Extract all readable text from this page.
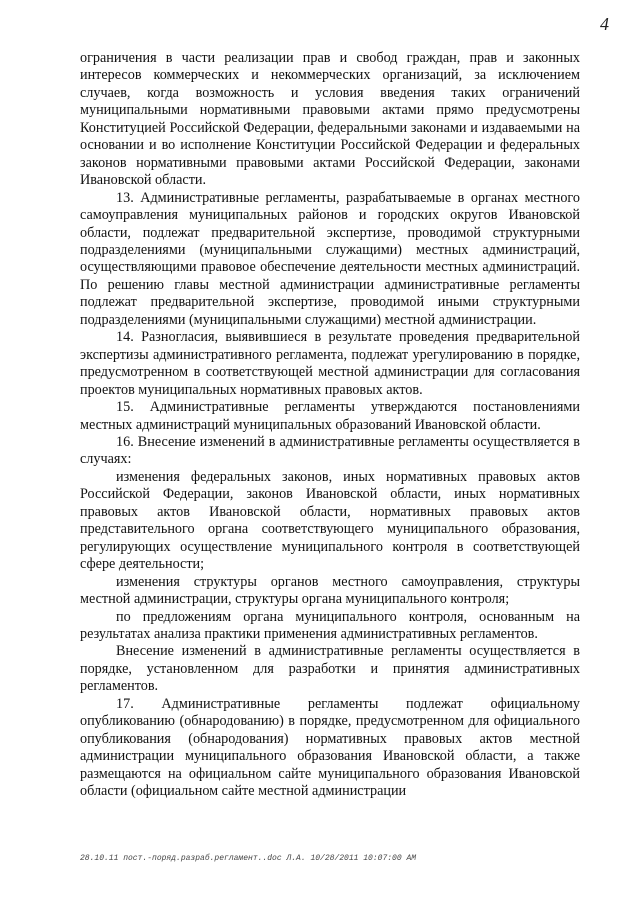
4

ограничения в части реализации прав и свобод граждан, прав и законных интересов коммерческих и некоммерческих организаций, за исключением случаев, когда возможность и условия введения таких ограничений муниципальными нормативными правовыми актами прямо предусмотрены Конституцией Российской Федерации, федеральными законами и издаваемыми на основании и во исполнение Конституции Российской Федерации и федеральных законов нормативными правовыми актами Российской Федерации, законами Ивановской области.

13. Административные регламенты, разрабатываемые в органах местного самоуправления муниципальных районов и городских округов Ивановской области, подлежат предварительной экспертизе, проводимой структурными подразделениями (муниципальными служащими) местных администраций, осуществляющими правовое обеспечение деятельности местных администраций. По решению главы местной администрации административные регламенты подлежат предварительной экспертизе, проводимой иными структурными подразделениями (муниципальными служащими) местной администрации.

14. Разногласия, выявившиеся в результате проведения предварительной экспертизы административного регламента, подлежат урегулированию в порядке, предусмотренном в соответствующей местной администрации для согласования проектов муниципальных нормативных правовых актов.

15. Административные регламенты утверждаются постановлениями местных администраций муниципальных образований Ивановской области.

16. Внесение изменений в административные регламенты осуществляется в случаях:

изменения федеральных законов, иных нормативных правовых актов Российской Федерации, законов Ивановской области, иных нормативных правовых актов Ивановской области, нормативных правовых актов представительного органа соответствующего муниципального образования, регулирующих осуществление муниципального контроля в соответствующей сфере деятельности;

изменения структуры органов местного самоуправления, структуры местной администрации, структуры органа муниципального контроля;

по предложениям органа муниципального контроля, основанным на результатах анализа практики применения административных регламентов.

Внесение изменений в административные регламенты осуществляется в порядке, установленном для разработки и принятия административных регламентов.

17. Административные регламенты подлежат официальному опубликованию (обнародованию) в порядке, предусмотренном для официального опубликования (обнародования) нормативных правовых актов местной администрации муниципального образования Ивановской области, а также размещаются на официальном сайте муниципального образования Ивановской области (официальном сайте местной администрации

28.10.11 пост.-поряд.разраб.регламент..doc Л.А. 10/28/2011 10:07:00 AM
